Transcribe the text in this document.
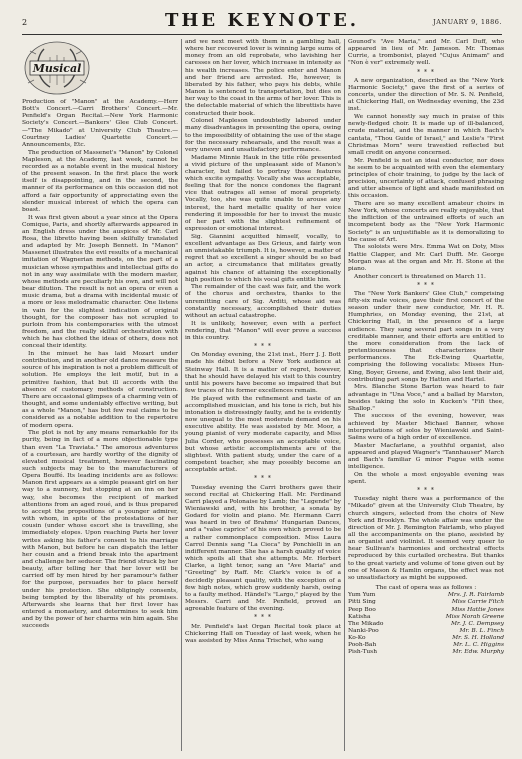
2	THE KEYNOTE.	JANUARY 9, 1886.
Musical

Production of "Manon" at the Academy.—Herr Bott's Concert.—Carri Brothers' Concert.—Mr. Penfield's Organ Recital.—New York Harmonic Society's Concert.—Bankers' Glee Club Concert.—"The Mikado" at University Club Theatre.—Courtney Ladies' Quartette Concert.—Announcements, Etc.

The production of Massenet's "Manon" by Colonel Mapleson, at the Academy, last week, cannot be recorded as a notable event in the musical history of the present season. In the first place the work itself is disappointing, and in the second, the manner of its performance on this occasion did not afford a fair opportunity of appreciating even the slender musical interest of which the opera can boast.

It was first given about a year since at the Opera Comique, Paris, and shortly afterwards appeared in an English dress under the auspices of Mr. Carl Rosa, the libretto having been skilfully translated and adapted by Mr. Joseph Bennett. In "Manon" Massenet illustrates the evil results of a mechanical imitation of Wagnerian methods, on the part of a musician whose sympathies and intellectual gifts do not in any way assimilate with the modern master, whose methods are peculiarly his own, and will not bear dilution. The result is not an opera or even a music drama, but a drama with incidental music of a more or less melodramatic character. One listens in vain for the slightest indication of original thought, for the composer has not scrupled to purloin from his contemporaries with the utmost freedom, and the really skilful orchestration with which he has clothed the ideas of others, does not conceal their identity.

In the minuet he has laid Mozart under contribution, and in another old dance measure the source of his inspiration is not a problem difficult of solution. He employs the leit motif, but in a primitive fashion, that but ill accords with the absence of customary methods of construction. There are occasional glimpses of a charming vein of thought, and some undeniably effective writing, but as a whole "Manon," has but few real claims to be considered as a notable addition to the repertoire of modern opera.

The plot is not by any means remarkable for its purity, being in fact of a more objectionable type than even "La Traviata." The amorous adventures of a courtesan, are hardly worthy of the dignity of elevated musical treatment, however fascinating such subjects may be to the manufacturers of Opera Bouffé. Its leading incidents are as follows: Manon first appears as a simple peasant girl on her way to a nunnery, but stopping at an inn on her way, she becomes the recipient of marked attentions from an aged roué, and is thus prepared to accept the propositions of a younger admirer, with whom, in spite of the protestations of her cousin (under whose escort she is travelling, she immediately elopes. Upon reaching Paris her lover writes asking his father's consent to his marriage with Manon, but before he can dispatch the letter her cousin and a friend break into the apartment and challenge her seducer. The friend struck by her beauty, after telling her that her lover will be carried off by men hired by her paramour's father for the purpose, persuades her to place herself under his protection. She obligingly consents, being tempted by the liberality of his promises. Afterwards she learns that her first lover has entered a monastery, and determines to seek him and by the power of her charms win him again. She succeeds

and we next meet with them in a gambling hall, where her recovered lover is winning large sums of money from an old reprobate, who lavishing her caresses on her lover, which increase in intensity as his wealth increases. The police enter and Manon and her friend are arrested. He, however, is liberated by his father, who pays his debts, while Manon is sentenced to transportation, but dies on her way to the coast in the arms of her lover. This is the delectable material of which the librettists have constructed their book.

Colonel Mapleson undoubtedly labored under many disadvantages in presenting the opera, owing to the impossibility of obtaining the use of the stage for the necessary rehearsals, and the result was a very uneven and unsatisfactory performance.

Madame Minnie Hauk in the title rôle presented a vivid picture of the unpleasant side of Manon's character, but failed to portray those features which excite sympathy. Vocally she was acceptable, feeling that for the nonce condones the flagrant vice that outrages all sense of moral propriety. Vocally, too, she was quite unable to arouse any interest, the hard metallic quality of her voice rendering it impossible for her to invest the music of her part with the slightest refinement of expression or emotional interest.

Sig. Giannini acquitted himself, vocally, to excellent advantage as Des Grieux, and fairly won an unmistakable triumph. It is, however, a matter of regret that so excellent a singer should be so bad an actor, a circumstance that militates greatly against his chance of attaining the exceptionally high position to which his vocal gifts entitle him.

The remainder of the cast was fair, and the work of the chorus and orchestra, thanks to the unremitting care of Sig. Arditi, whose aid was constantly necessary, accomplished their duties without an actual catastrophe.

It is unlikely, however, even with a perfect rendering, that "Manon" will ever prove a success in this country.

* * *

On Monday evening, the 21st inst., Herr J. J. Bott made his début before a New York audience at Steinway Hall. It is a matter of regret, however, that he should have delayed his visit to this country until his powers have become so impaired that but few traces of his former excellences remain.

He played with the refinement and taste of an accomplished musician, and his tone is rich, but his intonation is distressingly faulty, and he is evidently now unequal to the most moderate demand on his executive ability. He was assisted by Mr. Moor, a young pianist of very moderate capacity, and Miss Julia Corder, who possesses an acceptable voice, but whose artistic accomplishments are of the slightest. With patient study, under the care of a competent teacher, she may possibly become an acceptable artist.

* * *

Tuesday evening the Carri brothers gave their second recital at Chickering Hall. Mr. Ferdinand Carri played a Polonaise by Lamb; the "Legende" by Wieniawski and, with his brother, a sonata by Godard for violin and piano. Mr. Hermann Carri was heard in two of Brahms' Hungarian Dances, and a "valse caprice" of his own which proved to be a rather commonplace composition. Miss Laura Carrol Dennis sang "La Cieca" by Ponchielli in an indifferent manner. She has a harsh quality of voice which spoils all that she attempts. Mr. Herbert Clarke, a light tenor, sang an "Ave Maria" and "Greeting" by Raff. Mr. Clark's voice is of a decidedly pleasant quality, with the exception of a few high notes, which grow suddenly harsh, owing to a faulty method. Händel's "Largo," played by the Messrs. Carri and Mr. Penfield, proved an agreeable feature of the evening.

* * *

Mr. Penfield's last Organ Recital took place at Chickering Hall on Tuesday of last week, when he was assisted by Miss Anna Trischet, who sang

Gounod's "Ave Maria," and Mr. Carl Duff, who appeared in lieu of Mr. Jameson. Mr. Thomas Currie, a trombonist, played "Cujus Animam" and "Non è ver" extremely well.

* * *

A new organization, described as the "New York Harmonic Society," gave the first of a series of concerts, under the direction of Mr. S. N. Penfield, at Chickering Hall, on Wednesday evening, the 23d inst.

We cannot honestly say much in praise of this newly-fledged choir. It is made up of ill-balanced, crude material, and the manner in which Bach's cantata, "Thou Guide of Israel," and Leslie's "First Christmas Morn" were travestied reflected but small credit on anyone concerned.

Mr. Penfield is not an ideal conductor, nor does he seem to be acquainted with even the elementary principles of choir training, to judge by the lack of precision, uncertainty of attack, confused phrasing and utter absence of light and shade manifested on this occasion.

There are so many excellent amateur choirs in New York, whose concerts are really enjoyable, that the infliction of the untrained efforts of such an incompetent body as the "New York Harmonic Society" is an unjustifiable as it is demoralizing to the cause of Art.

The soloists were Mrs. Emma Wat on Doty, Miss Hattie Clapper, and Mr. Carl Dufft. Mr. George Morgan was at the organ and Mr. H. Stone at the piano.

Another concert is threatened on March 11.

* * *

The "New York Bankers' Glee Club," comprising fifty-six male voices, gave their first concert of the season under their new conductor, Mr. H. R. Humphries, on Monday evening, the 21st, at Chickering Hall, in the presence of a large audience. They sang several part songs in a very creditable manner, and their efforts are entitled to the more consideration from the lack of pretentiousness that characterizes their performances. The Eck-Ewing Quartette, comprising the following vocalists: Misses Hun-King, Boyer, Greene, and Ewing, also lent their aid, contributing part songs by Hatton and Hartel.

Mrs. Blanche Stone Barton was heard to fair advantage in "Una Voce," and a ballad by Marston, besides taking the solo in Kucken's "Fifi thee, Shallop."

The success of the evening, however, was achieved by Master Michael Banner, whose interpretations of solos by Wieniawski and Saint-Saëns were of a high order of excellence.

Master Macfarlane, a youthful organist, also appeared and played Wagner's "Tannhauser" March and Bach's familiar G minor Fugue with some intelligence.

On the whole a most enjoyable evening was spent.

* * *

Tuesday night there was a performance of the "Mikado" given at the University Club Theatre, by church singers, selected from the choirs of New York and Brooklyn. The whole affair was under the direction of Mr. J. Remington Fairlamb, who played all the accompaniments on the piano, assisted by an organist and violinist. It seemed very queer to hear Sullivan's harmonies and orchestral effects reproduced by this curtailed orchestra. But thanks to the great variety and volume of tone given out by one of Mason & Hamlin organs, the effect was not so unsatisfactory as might be supposed.

The cast of opera was as follows :
Yum Yum	Mrs. J. R. Fairlamb
Pitti Sing	Miss Carrie Fitch
Peep Boo	Miss Hattie Jones
Katisha	Miss Norah Greene
The Mikado	Mr. J. C. Dempsey
Nanki-Poo	Mr. B. L. Finch
Ko-Ko	Mr. S. H. Holland
Pooh-Bah	Mr. L. C. Higgins
Pish-Tush	Mr. Edw. Murphy
